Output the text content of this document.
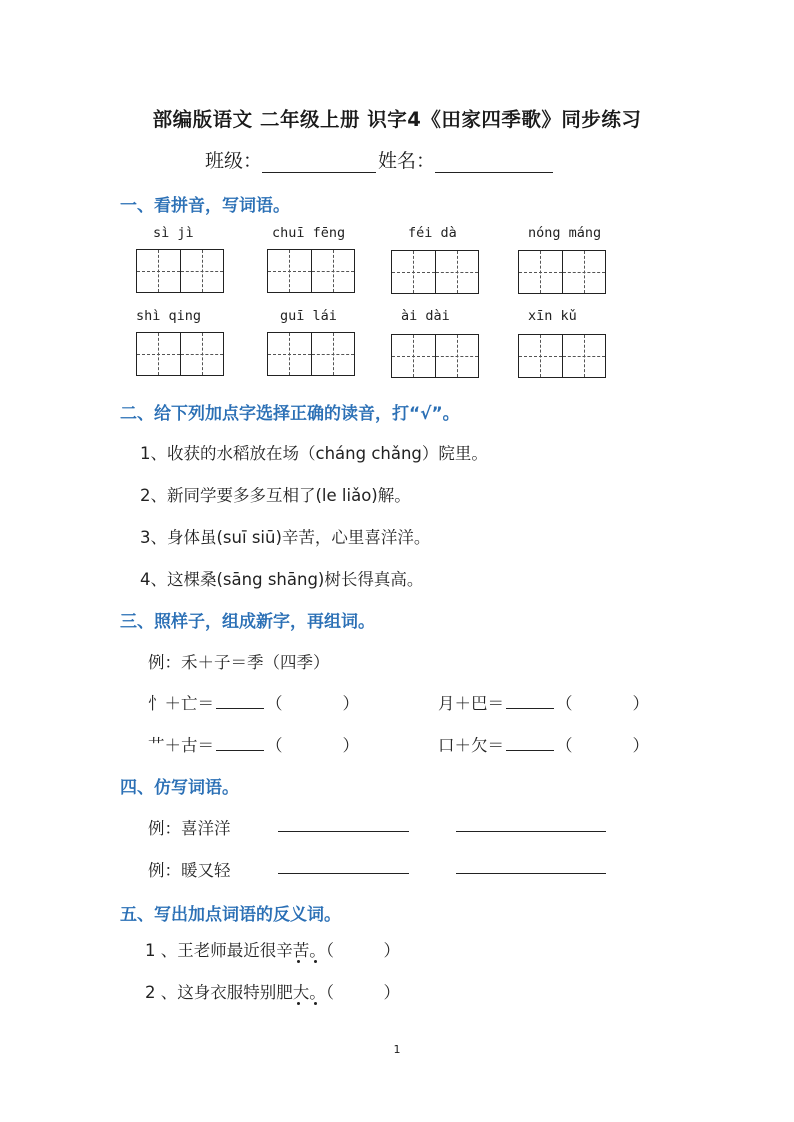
部编版语文 二年级上册 识字4《田家四季歌》同步练习
班级：	姓名：
一、看拼音，写词语。
sì jì	chuī fēng	féi dà	nóng máng
shì qing	guī lái	ài dài	xīn kǔ
二、给下列加点字选择正确的读音，打“√”。
1、收获的水稻放在场（cháng chǎng）院里。
2、新同学要多多互相了(le liǎo)解。
3、身体虽(suī siū)辛苦，心里喜洋洋。
4、这棵桑(sāng shāng)树长得真高。
三、照样子，组成新字，再组词。
例：禾＋子＝季（四季）
忄＋亡＝	（	）	月＋巴＝	（	）
艹＋古＝	（	）	口＋欠＝	（	）
四、仿写词语。
例：喜洋洋
例：暖又轻
五、写出加点词语的反义词。
1 、王老师最近很辛苦。（　　　）
2 、这身衣服特别肥大。（　　　）
1
